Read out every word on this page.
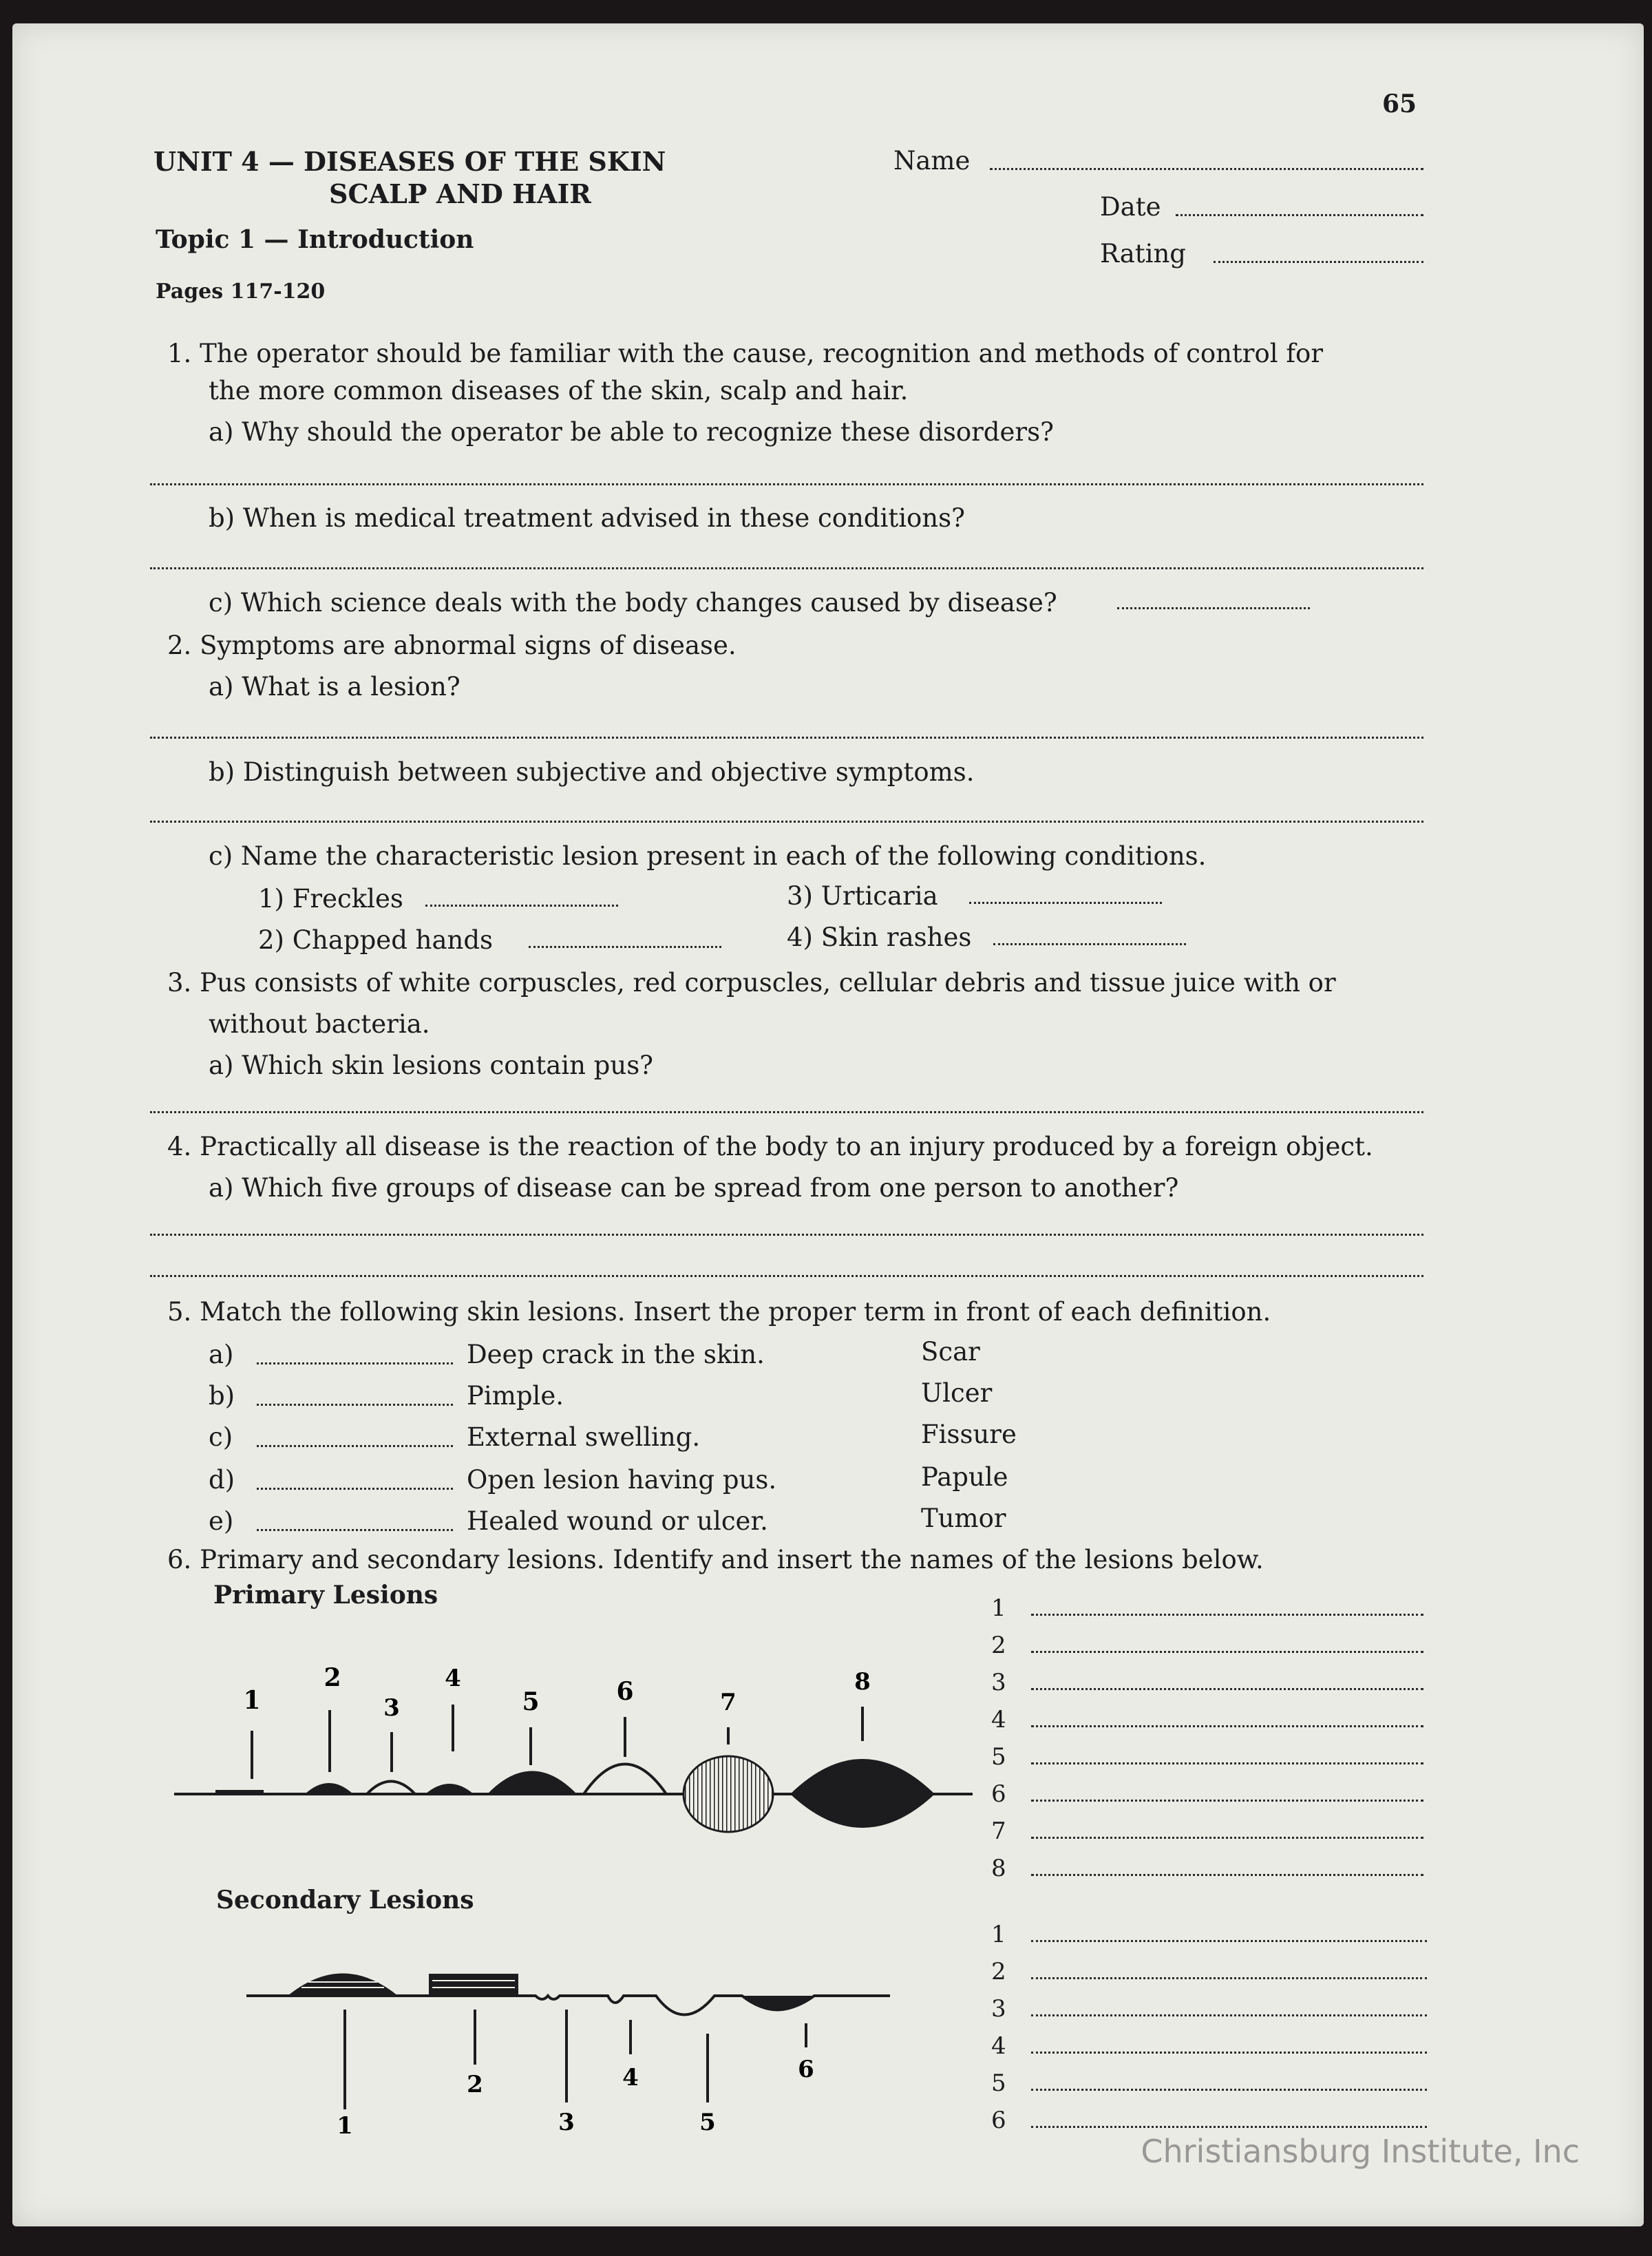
65
UNIT 4 — DISEASES OF THE SKIN
SCALP AND HAIR
Topic 1 — Introduction
Pages 117-120
Name
Date
Rating
1. The operator should be familiar with the cause, recognition and methods of control for
the more common diseases of the skin, scalp and hair.
a) Why should the operator be able to recognize these disorders?
b) When is medical treatment advised in these conditions?
c) Which science deals with the body changes caused by disease?
2. Symptoms are abnormal signs of disease.
a) What is a lesion?
b) Distinguish between subjective and objective symptoms.
c) Name the characteristic lesion present in each of the following conditions.
1) Freckles
2) Chapped hands
3) Urticaria
4) Skin rashes
3. Pus consists of white corpuscles, red corpuscles, cellular debris and tissue juice with or
without bacteria.
a) Which skin lesions contain pus?
4. Practically all disease is the reaction of the body to an injury produced by a foreign object.
a) Which five groups of disease can be spread from one person to another?
5. Match the following skin lesions. Insert the proper term in front of each definition.
a)	Deep crack in the skin.	Scar
b)	Pimple.	Ulcer
c)	External swelling.	Fissure
d)	Open lesion having pus.	Papule
e)	Healed wound or ulcer.	Tumor
6. Primary and secondary lesions. Identify and insert the names of the lesions below.
Primary Lesions
Secondary Lesions
1
2
3
4
5
6
7
8
1
2
3
4
5
6
1
2
3
4
5	6	7
8
1
2
3
4
5
6
Christiansburg Institute, Inc
